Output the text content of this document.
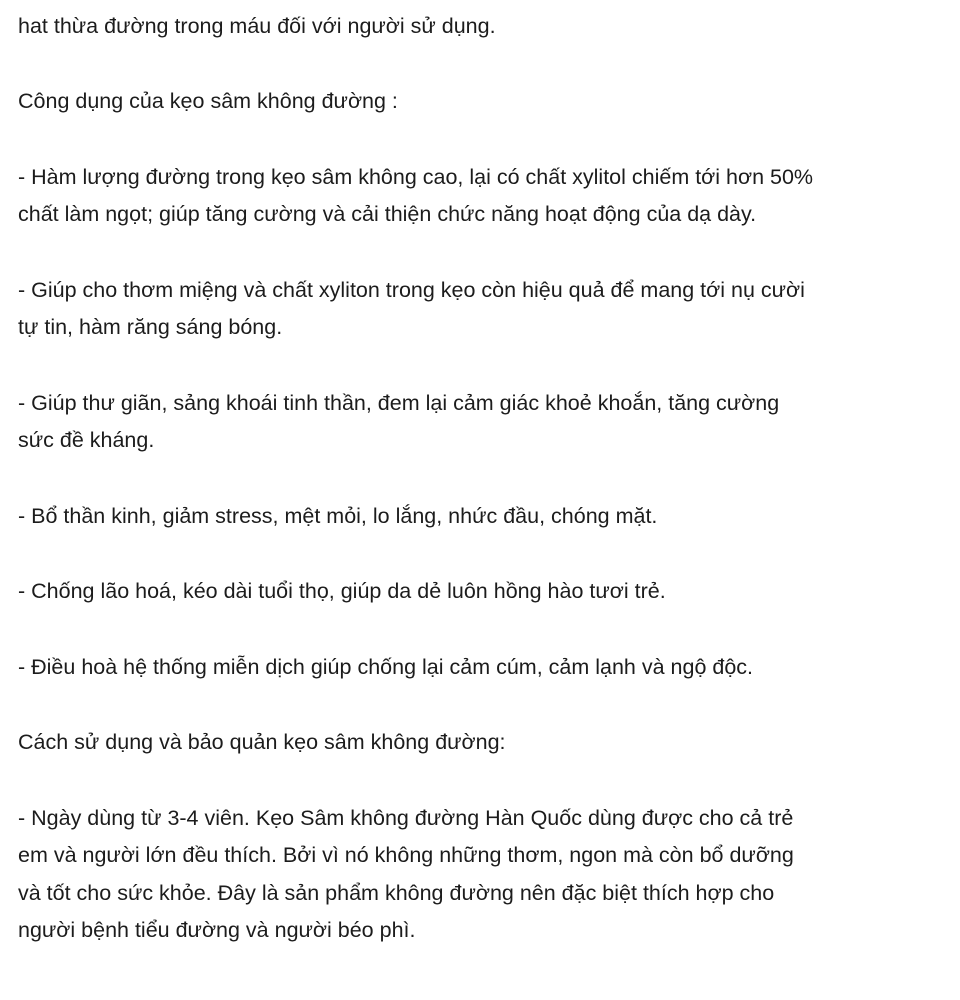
hat thừa đường trong máu đối với người sử dụng.

Công dụng của kẹo sâm không đường :

- Hàm lượng đường trong kẹo sâm không cao, lại có chất xylitol chiếm tới hơn 50%
chất làm ngọt; giúp tăng cường và cải thiện chức năng hoạt động của dạ dày.

- Giúp cho thơm miệng và chất xyliton trong kẹo còn hiệu quả để mang tới nụ cười
tự tin, hàm răng sáng bóng.

- Giúp thư giãn, sảng khoái tinh thần, đem lại cảm giác khoẻ khoắn, tăng cường
sức đề kháng.

- Bổ thần kinh, giảm stress, mệt mỏi, lo lắng, nhức đầu, chóng mặt.

- Chống lão hoá, kéo dài tuổi thọ, giúp da dẻ luôn hồng hào tươi trẻ.

- Điều hoà hệ thống miễn dịch giúp chống lại cảm cúm, cảm lạnh và ngộ độc.

Cách sử dụng và bảo quản kẹo sâm không đường:

- Ngày dùng từ 3-4 viên. Kẹo Sâm không đường Hàn Quốc dùng được cho cả trẻ
em và người lớn đều thích. Bởi vì nó không những thơm, ngon mà còn bổ dưỡng
và tốt cho sức khỏe. Đây là sản phẩm không đường nên đặc biệt thích hợp cho
người bệnh tiểu đường và người béo phì.
